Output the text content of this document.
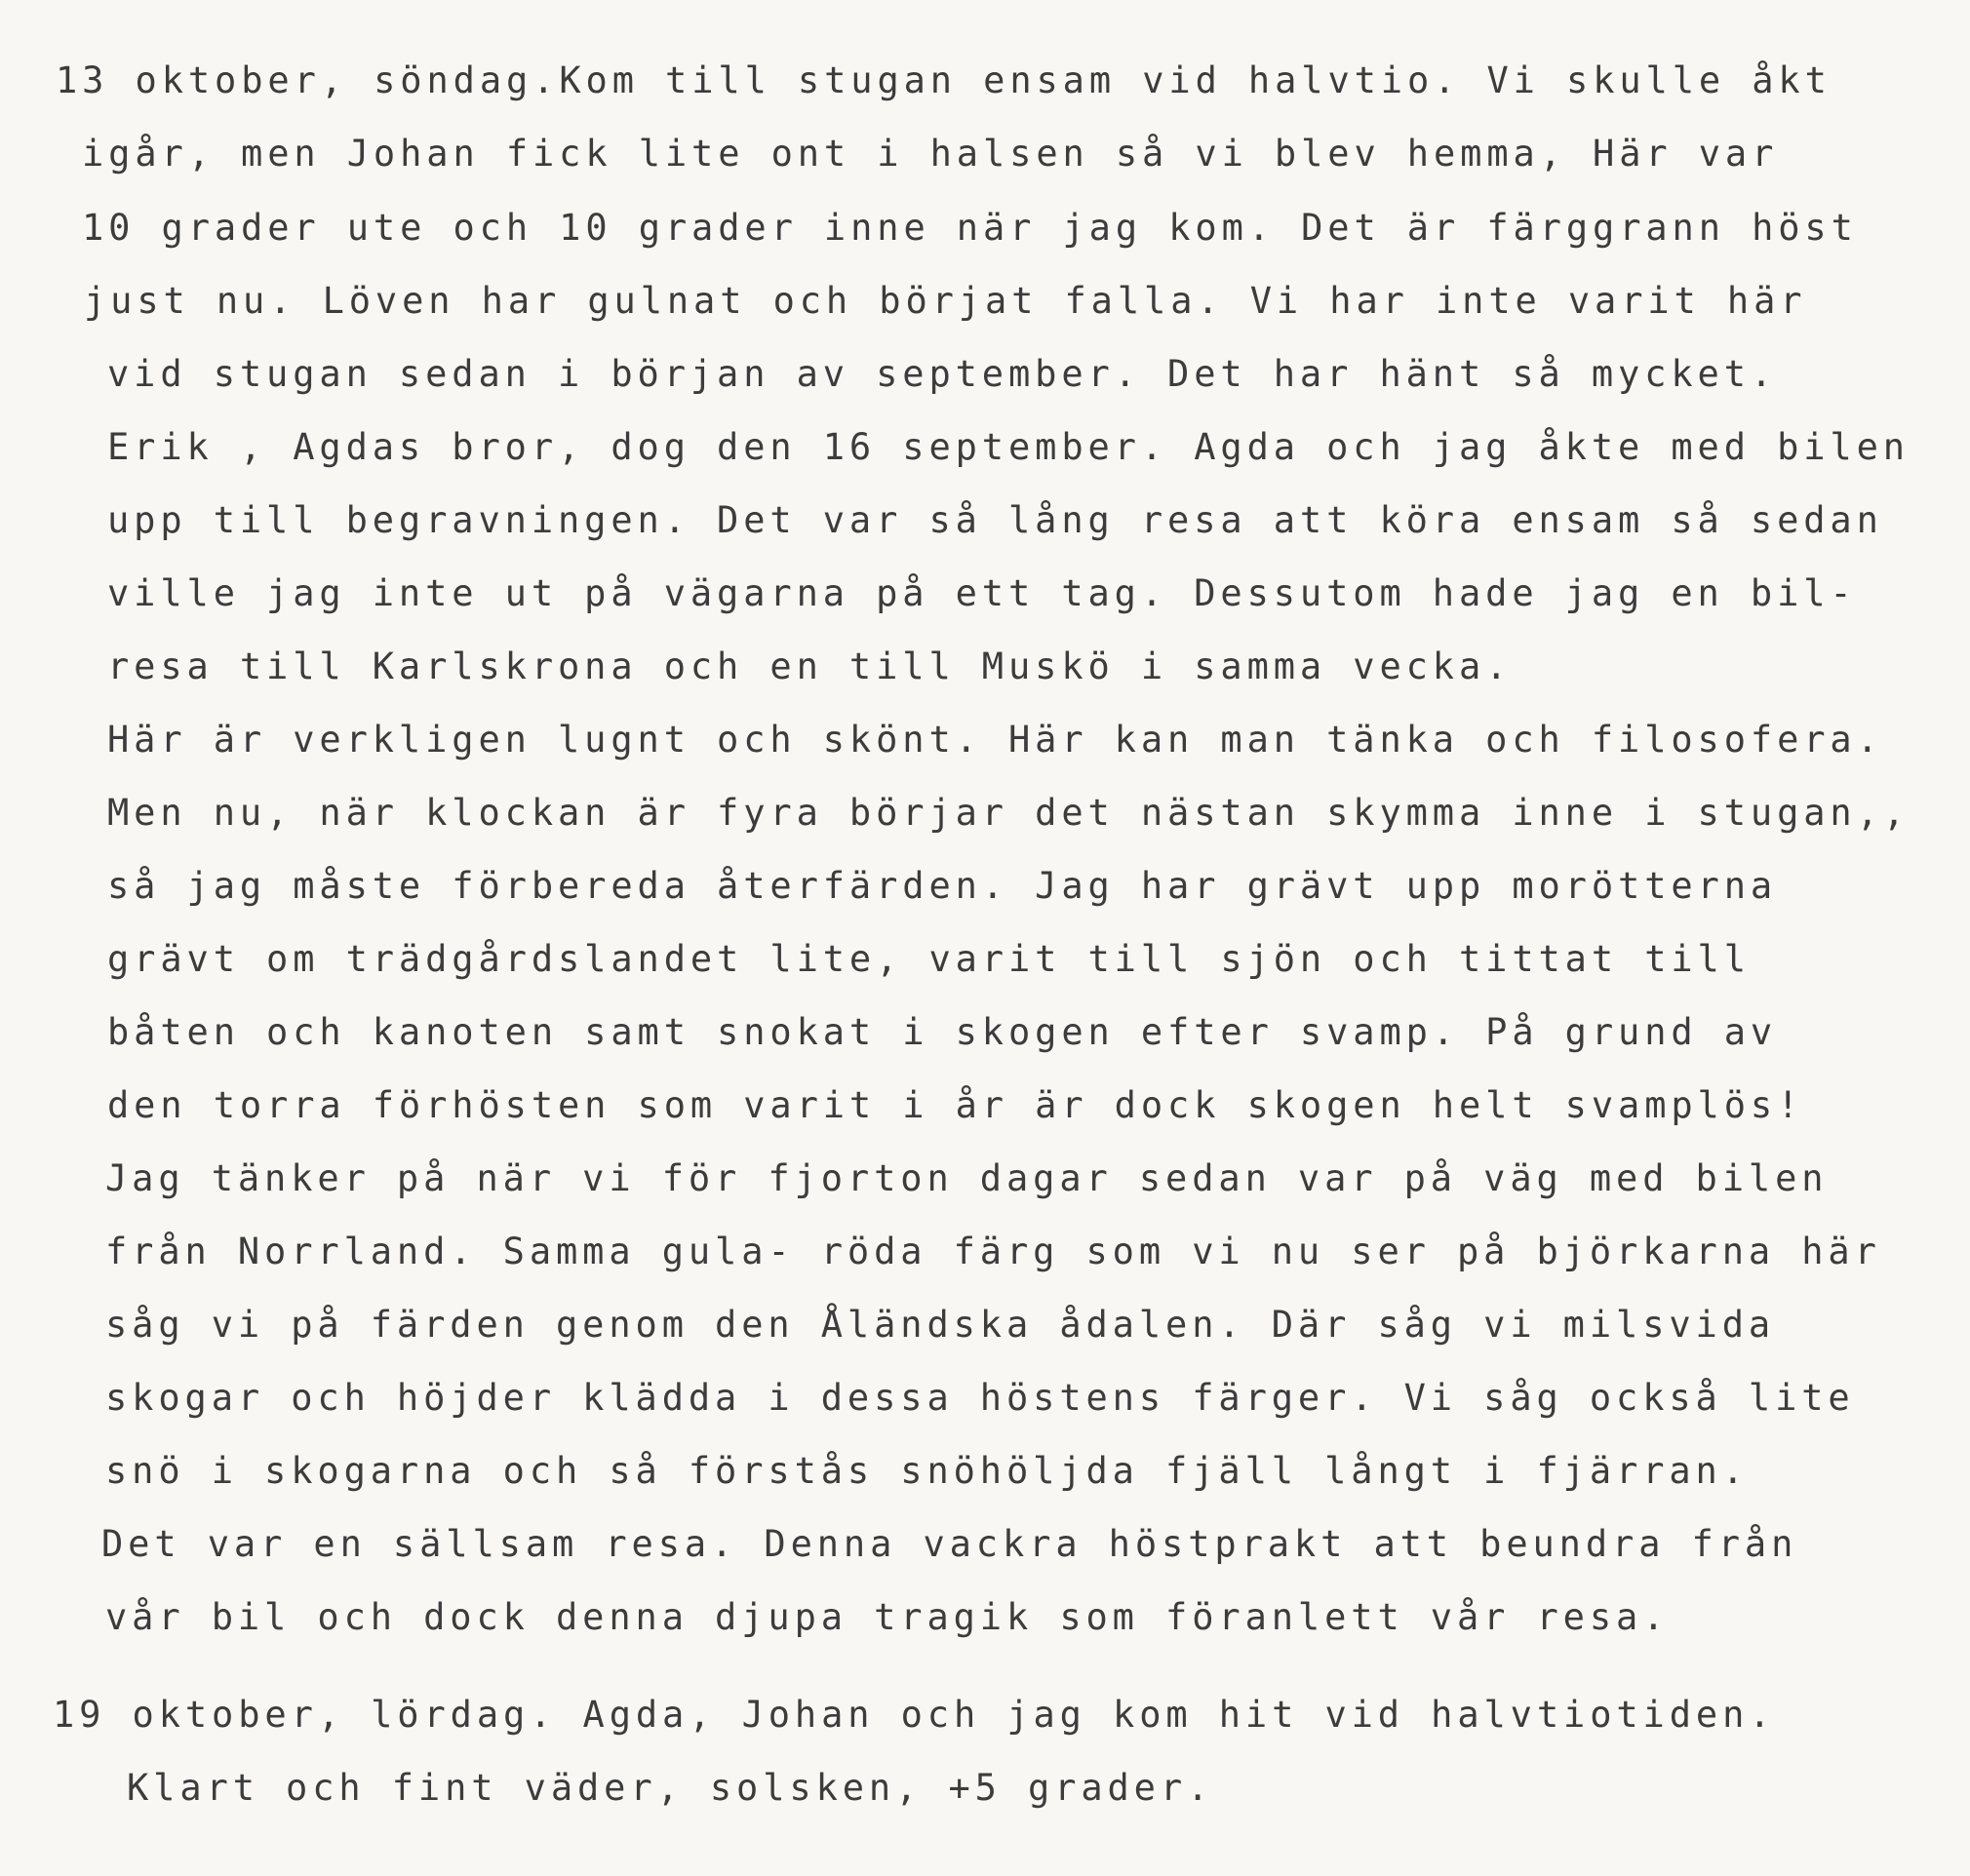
13 oktober, söndag.Kom till stugan ensam vid halvtio. Vi skulle åkt
igår, men Johan fick lite ont i halsen så vi blev hemma, Här var
10 grader ute och 10 grader inne när jag kom. Det är färggrann höst
just nu. Löven har gulnat och börjat falla. Vi har inte varit här
vid stugan sedan i början av september. Det har hänt så mycket.
Erik , Agdas bror, dog den 16 september. Agda och jag åkte med bilen
upp till begravningen. Det var så lång resa att köra ensam så sedan
ville jag inte ut på vägarna på ett tag. Dessutom hade jag en bil-
resa till Karlskrona och en till Muskö i samma vecka.
Här är verkligen lugnt och skönt. Här kan man tänka och filosofera.
Men nu, när klockan är fyra börjar det nästan skymma inne i stugan,,
så jag måste förbereda återfärden. Jag har grävt upp morötterna
grävt om trädgårdslandet lite, varit till sjön och tittat till
båten och kanoten samt snokat i skogen efter svamp. På grund av
den torra förhösten som varit i år är dock skogen helt svamplös!
Jag tänker på när vi för fjorton dagar sedan var på väg med bilen
från Norrland. Samma gula- röda färg som vi nu ser på björkarna här
såg vi på färden genom den Åländska ådalen. Där såg vi milsvida
skogar och höjder klädda i dessa höstens färger. Vi såg också lite
snö i skogarna och så förstås snöhöljda fjäll långt i fjärran.
Det var en sällsam resa. Denna vackra höstprakt att beundra från
vår bil och dock denna djupa tragik som föranlett vår resa.
19 oktober, lördag. Agda, Johan och jag kom hit vid halvtiotiden.
Klart och fint väder, solsken, +5 grader.
